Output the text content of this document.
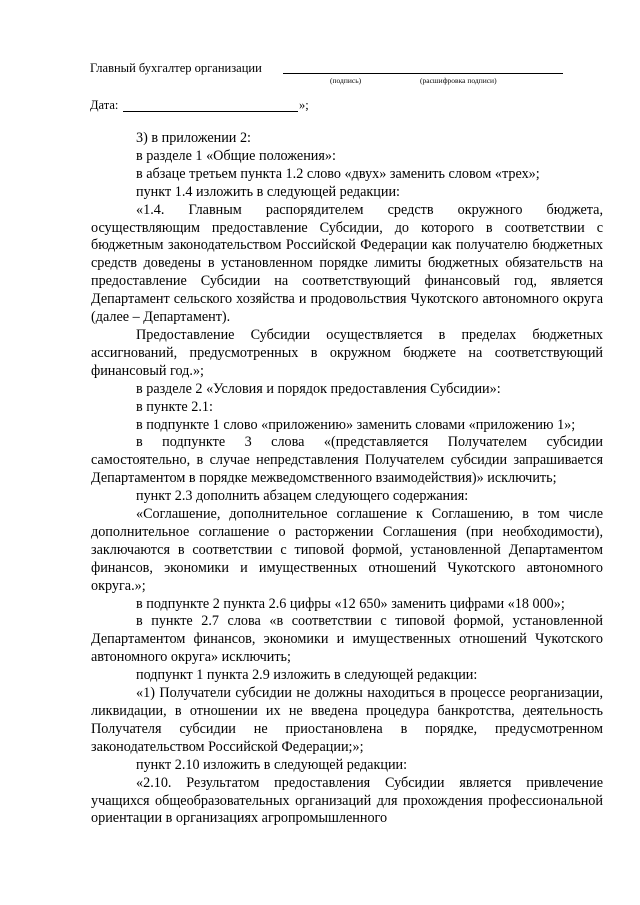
Главный бухгалтер организации
(подпись)	(расшифровка подписи)
Дата:	»;

3) в приложении 2:

в разделе 1 «Общие положения»:

в абзаце третьем пункта 1.2 слово «двух» заменить словом «трех»;

пункт 1.4 изложить в следующей редакции:

«1.4. Главным распорядителем средств окружного бюджета, осуществляющим предоставление Субсидии, до которого в соответствии с бюджетным законодательством Российской Федерации как получателю бюджетных средств доведены в установленном порядке лимиты бюджетных обязательств на предоставление Субсидии на соответствующий финансовый год, является Департамент сельского хозяйства и продовольствия Чукотского автономного округа (далее – Департамент).

Предоставление Субсидии осуществляется в пределах бюджетных ассигнований, предусмотренных в окружном бюджете на соответствующий финансовый год.»;

в разделе 2 «Условия и порядок предоставления Субсидии»:

в пункте 2.1:

в подпункте 1 слово «приложению» заменить словами «приложению 1»;

в подпункте 3 слова «(представляется Получателем субсидии самостоятельно, в случае непредставления Получателем субсидии запрашивается Департаментом в порядке межведомственного взаимодействия)» исключить;

пункт 2.3 дополнить абзацем следующего содержания:

«Соглашение, дополнительное соглашение к Соглашению, в том числе дополнительное соглашение о расторжении Соглашения (при необходимости), заключаются в соответствии с типовой формой, установленной Департаментом финансов, экономики и имущественных отношений Чукотского автономного округа.»;

в подпункте 2 пункта 2.6 цифры «12 650» заменить цифрами «18 000»;

в пункте 2.7 слова «в соответствии с типовой формой, установленной Департаментом финансов, экономики и имущественных отношений Чукотского автономного округа» исключить;

подпункт 1 пункта 2.9 изложить в следующей редакции:

«1) Получатели субсидии не должны находиться в процессе реорганизации, ликвидации, в отношении их не введена процедура банкротства, деятельность Получателя субсидии не приостановлена в порядке, предусмотренном законодательством Российской Федерации;»;

пункт 2.10 изложить в следующей редакции:

«2.10. Результатом предоставления Субсидии является привлечение учащихся общеобразовательных организаций для прохождения профессиональной ориентации в организациях агропромышленного
